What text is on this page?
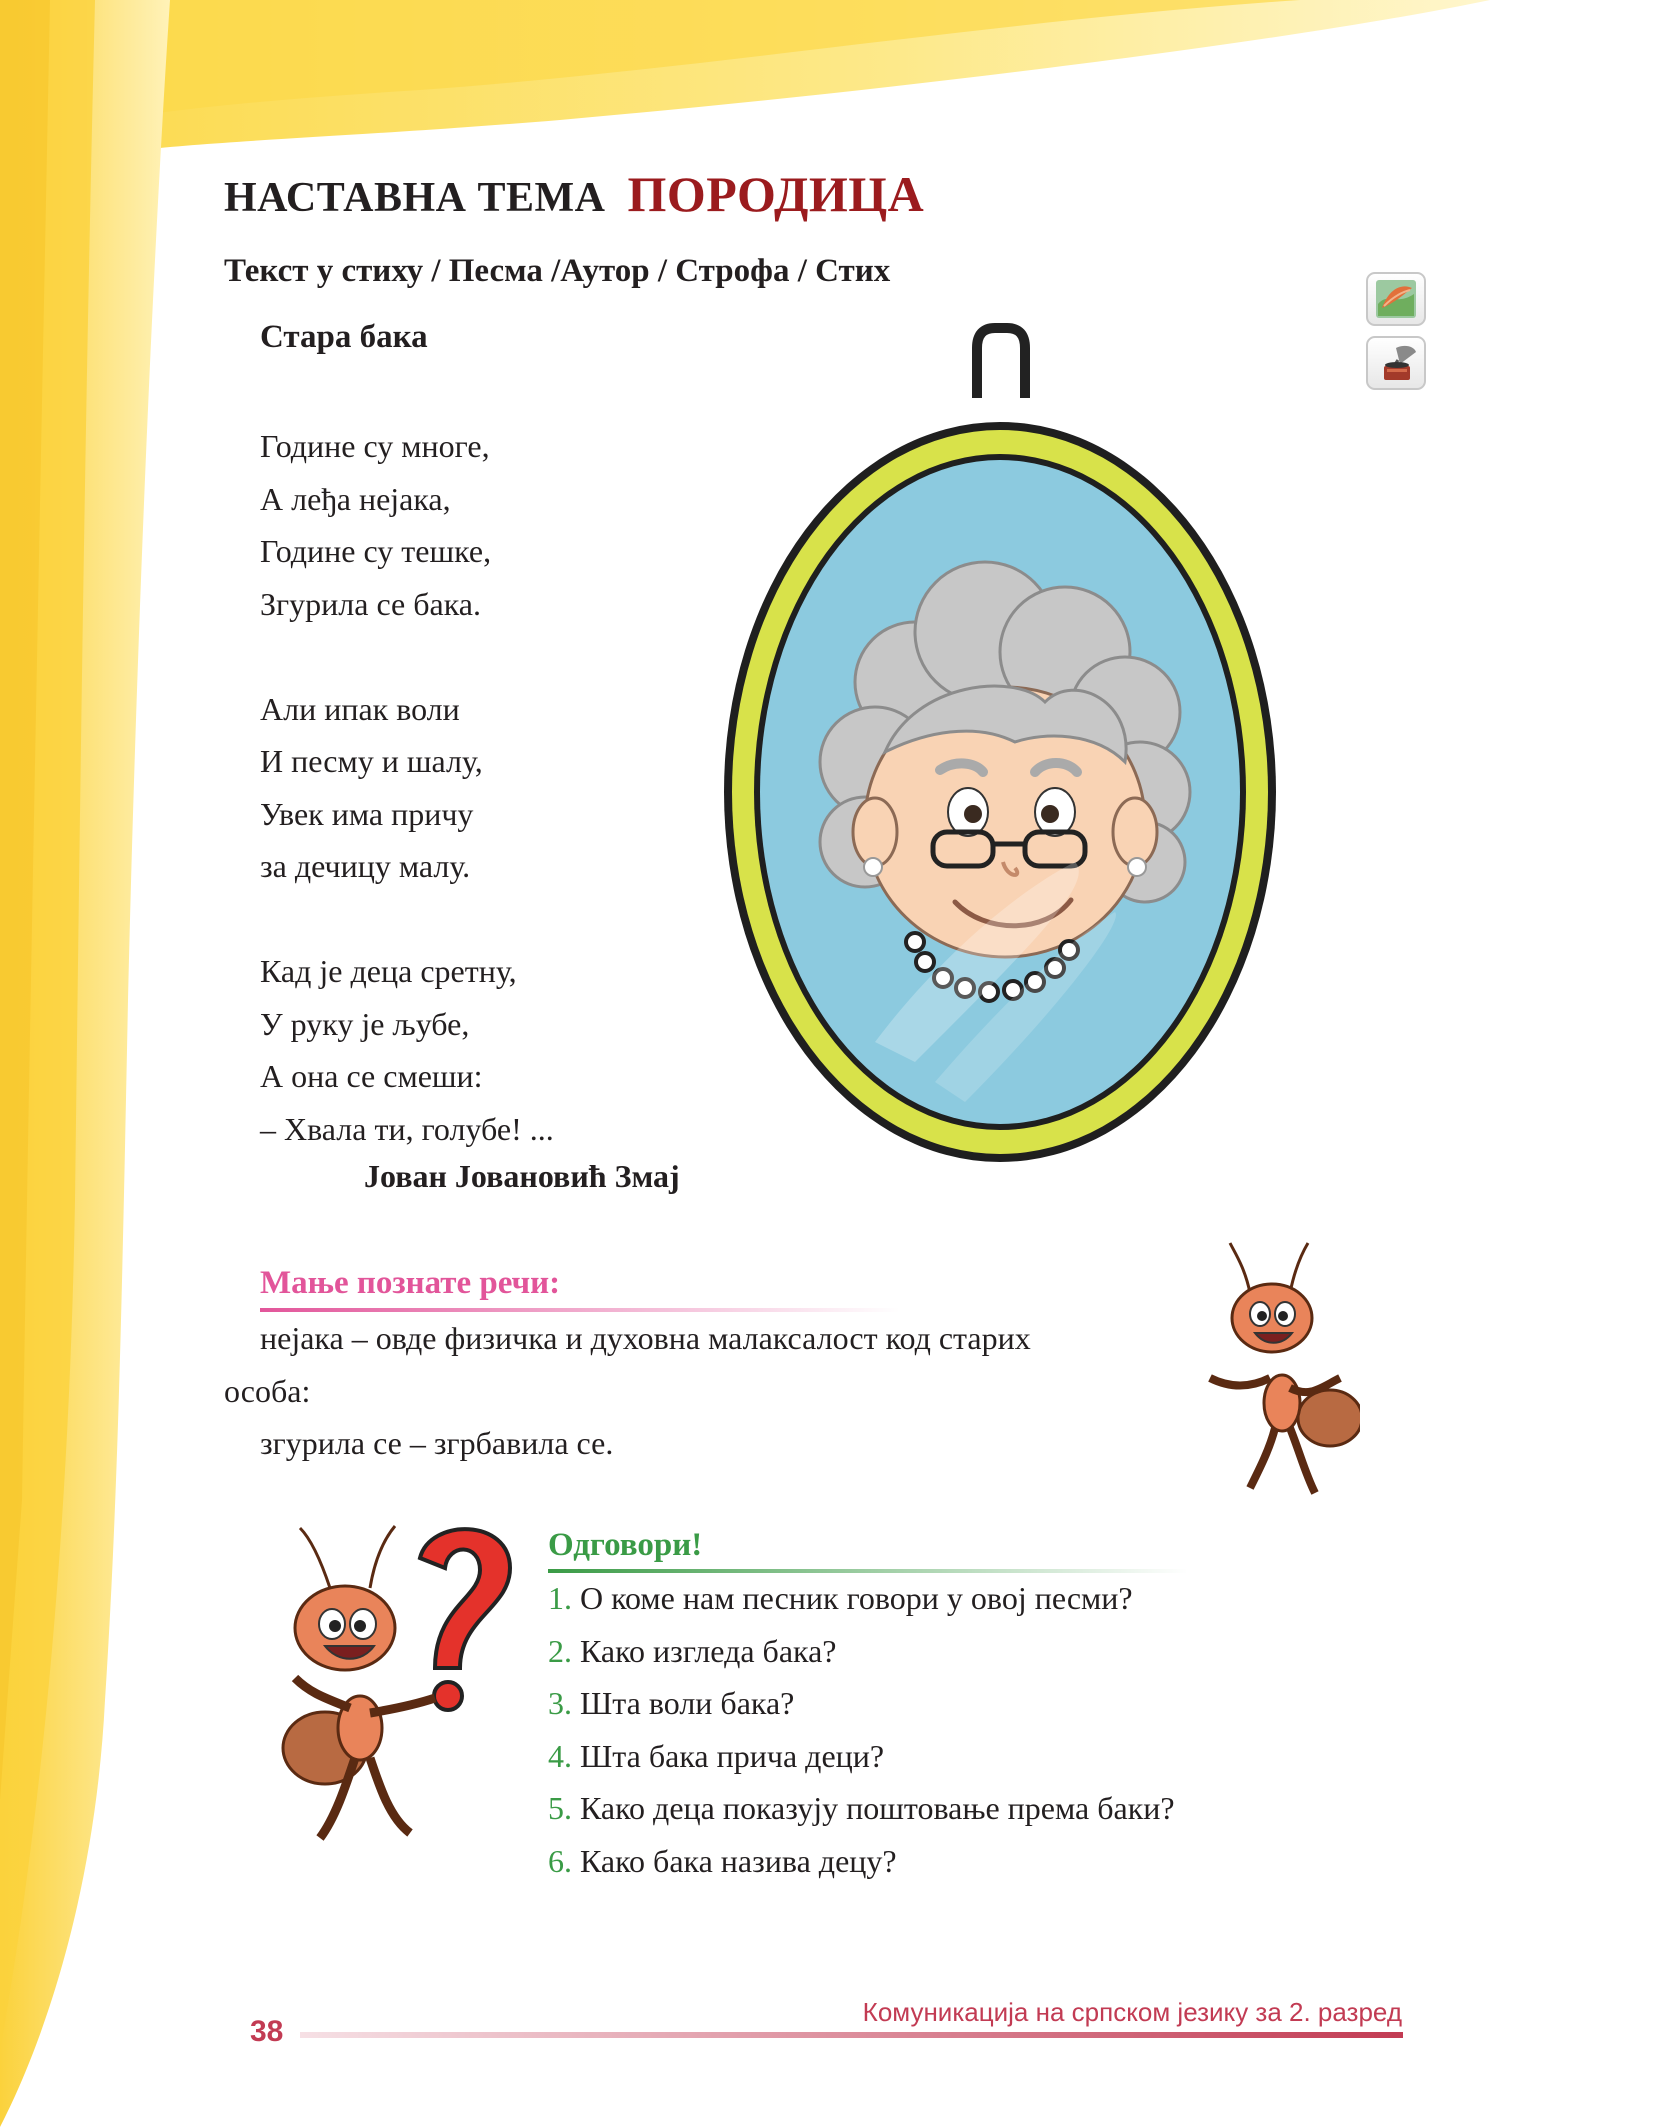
НАСТАВНА ТЕМА ПОРОДИЦА
Текст у стиху / Песма /Аутор / Строфа / Стих
Стара бака
Године су многе,
А леђа нејака,
Године су тешке,
Згурила се бака.
Али ипак воли
И песму и шалу,
Увек има причу
за дечицу малу.
Кад је деца сретну,
У руку је љубе,
А она се смеши:
– Хвала ти, голубе! ...
Јован Јовановић Змај
Мање познате речи:
нејака – овде физичка и духовна малаксалост код старих
особа:
згурила се – згрбавила се.
Одговори!
1. О коме нам песник говори у овој песми?
2. Како изгледа бака?
3. Шта воли бака?
4. Шта бака прича деци?
5. Како деца показују поштовање према баки?
6. Како бака назива децу?
38
Комуникација на српском језику за 2. разред
